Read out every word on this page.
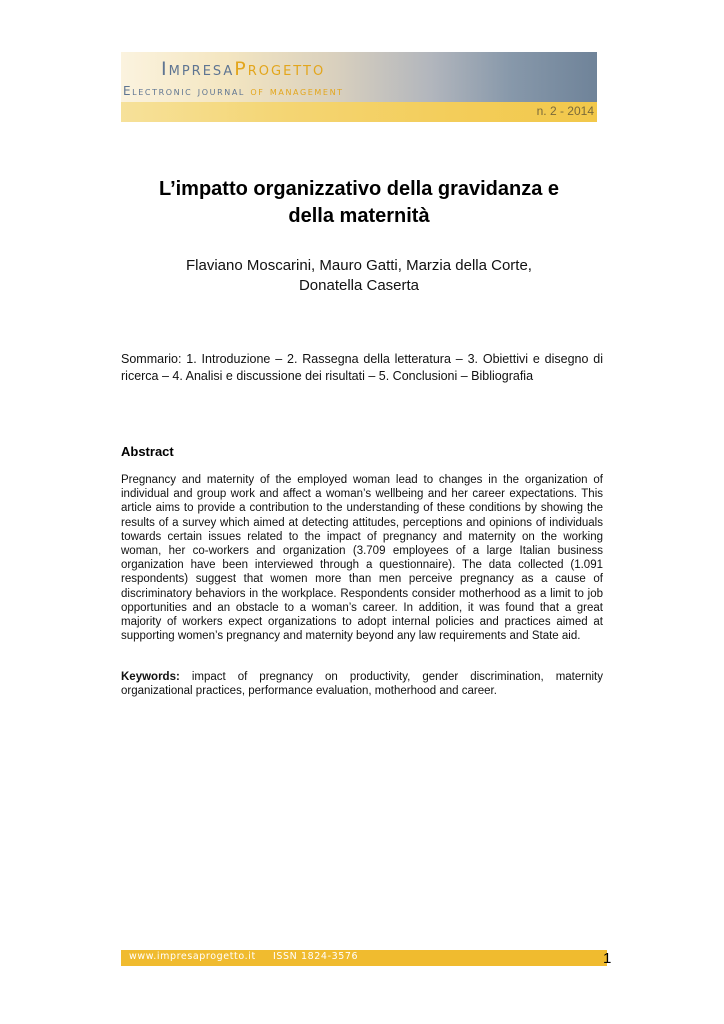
ImpresaProgetto

Electronic journal of management

n. 2 - 2014
L’impatto organizzativo della gravidanza e
della maternità

Flaviano Moscarini, Mauro Gatti, Marzia della Corte,
Donatella Caserta

Sommario: 1. Introduzione – 2. Rassegna della letteratura – 3. Obiettivi e disegno di ricerca – 4. Analisi e discussione dei risultati – 5. Conclusioni – Bibliografia

Abstract

Pregnancy and maternity of the employed woman lead to changes in the organization of individual and group work and affect a woman’s wellbeing and her career expectations. This article aims to provide a contribution to the understanding of these conditions by showing the results of a survey which aimed at detecting attitudes, perceptions and opinions of individuals towards certain issues related to the impact of pregnancy and maternity on the working woman, her co-workers and organization (3.709 employees of a large Italian business organization have been interviewed through a questionnaire). The data collected (1.091 respondents) suggest that women more than men perceive pregnancy as a cause of discriminatory behaviors in the workplace. Respondents consider motherhood as a limit to job opportunities and an obstacle to a woman’s career. In addition, it was found that a great majority of workers expect organizations to adopt internal policies and practices aimed at supporting women’s pregnancy and maternity beyond any law requirements and State aid.

Keywords: impact of pregnancy on productivity, gender discrimination, maternity organizational practices, performance evaluation, motherhood and career.

www.impresaprogetto.it ISSN 1824-3576	1
